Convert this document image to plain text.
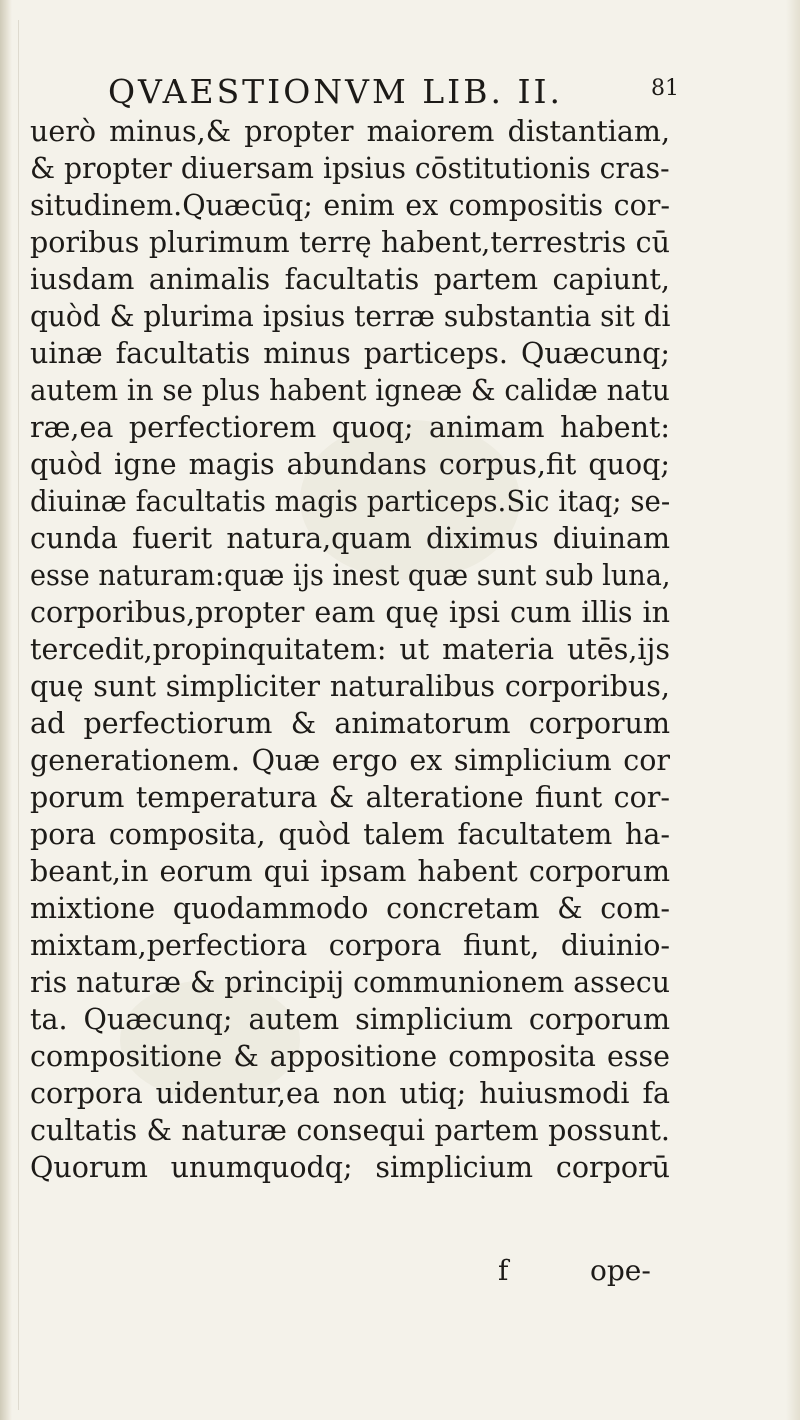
QVAESTIONVM LIB. II.	81
uerò minus,& propter maiorem distantiam,
& propter diuersam ipsius cōstitutionis cras-
situdinem.Quæcūq; enim ex compositis cor-
poribus plurimum terrę habent,terrestris cū
iusdam animalis facultatis partem capiunt,
quòd & plurima ipsius terræ substantia sit di
uinæ facultatis minus particeps. Quæcunq;
autem in se plus habent igneæ & calidæ natu
ræ,ea perfectiorem quoq; animam habent:
quòd igne magis abundans corpus,fit quoq;
diuinæ facultatis magis particeps.Sic itaq; se-
cunda fuerit natura,quam diximus diuinam
esse naturam:quæ ijs inest quæ sunt sub luna,
corporibus,propter eam quę ipsi cum illis in
tercedit,propinquitatem: ut materia utēs,ijs
quę sunt simpliciter naturalibus corporibus,
ad perfectiorum & animatorum corporum
generationem. Quæ ergo ex simplicium cor
porum temperatura & alteratione fiunt cor-
pora composita, quòd talem facultatem ha-
beant,in eorum qui ipsam habent corporum
mixtione quodammodo concretam & com-
mixtam,perfectiora corpora fiunt, diuinio-
ris naturæ & principij communionem assecu
ta. Quæcunq; autem simplicium corporum
compositione & appositione composita esse
corpora uidentur,ea non utiq; huiusmodi fa
cultatis & naturæ consequi partem possunt.
Quorum unumquodq; simplicium corporū
f	ope-
